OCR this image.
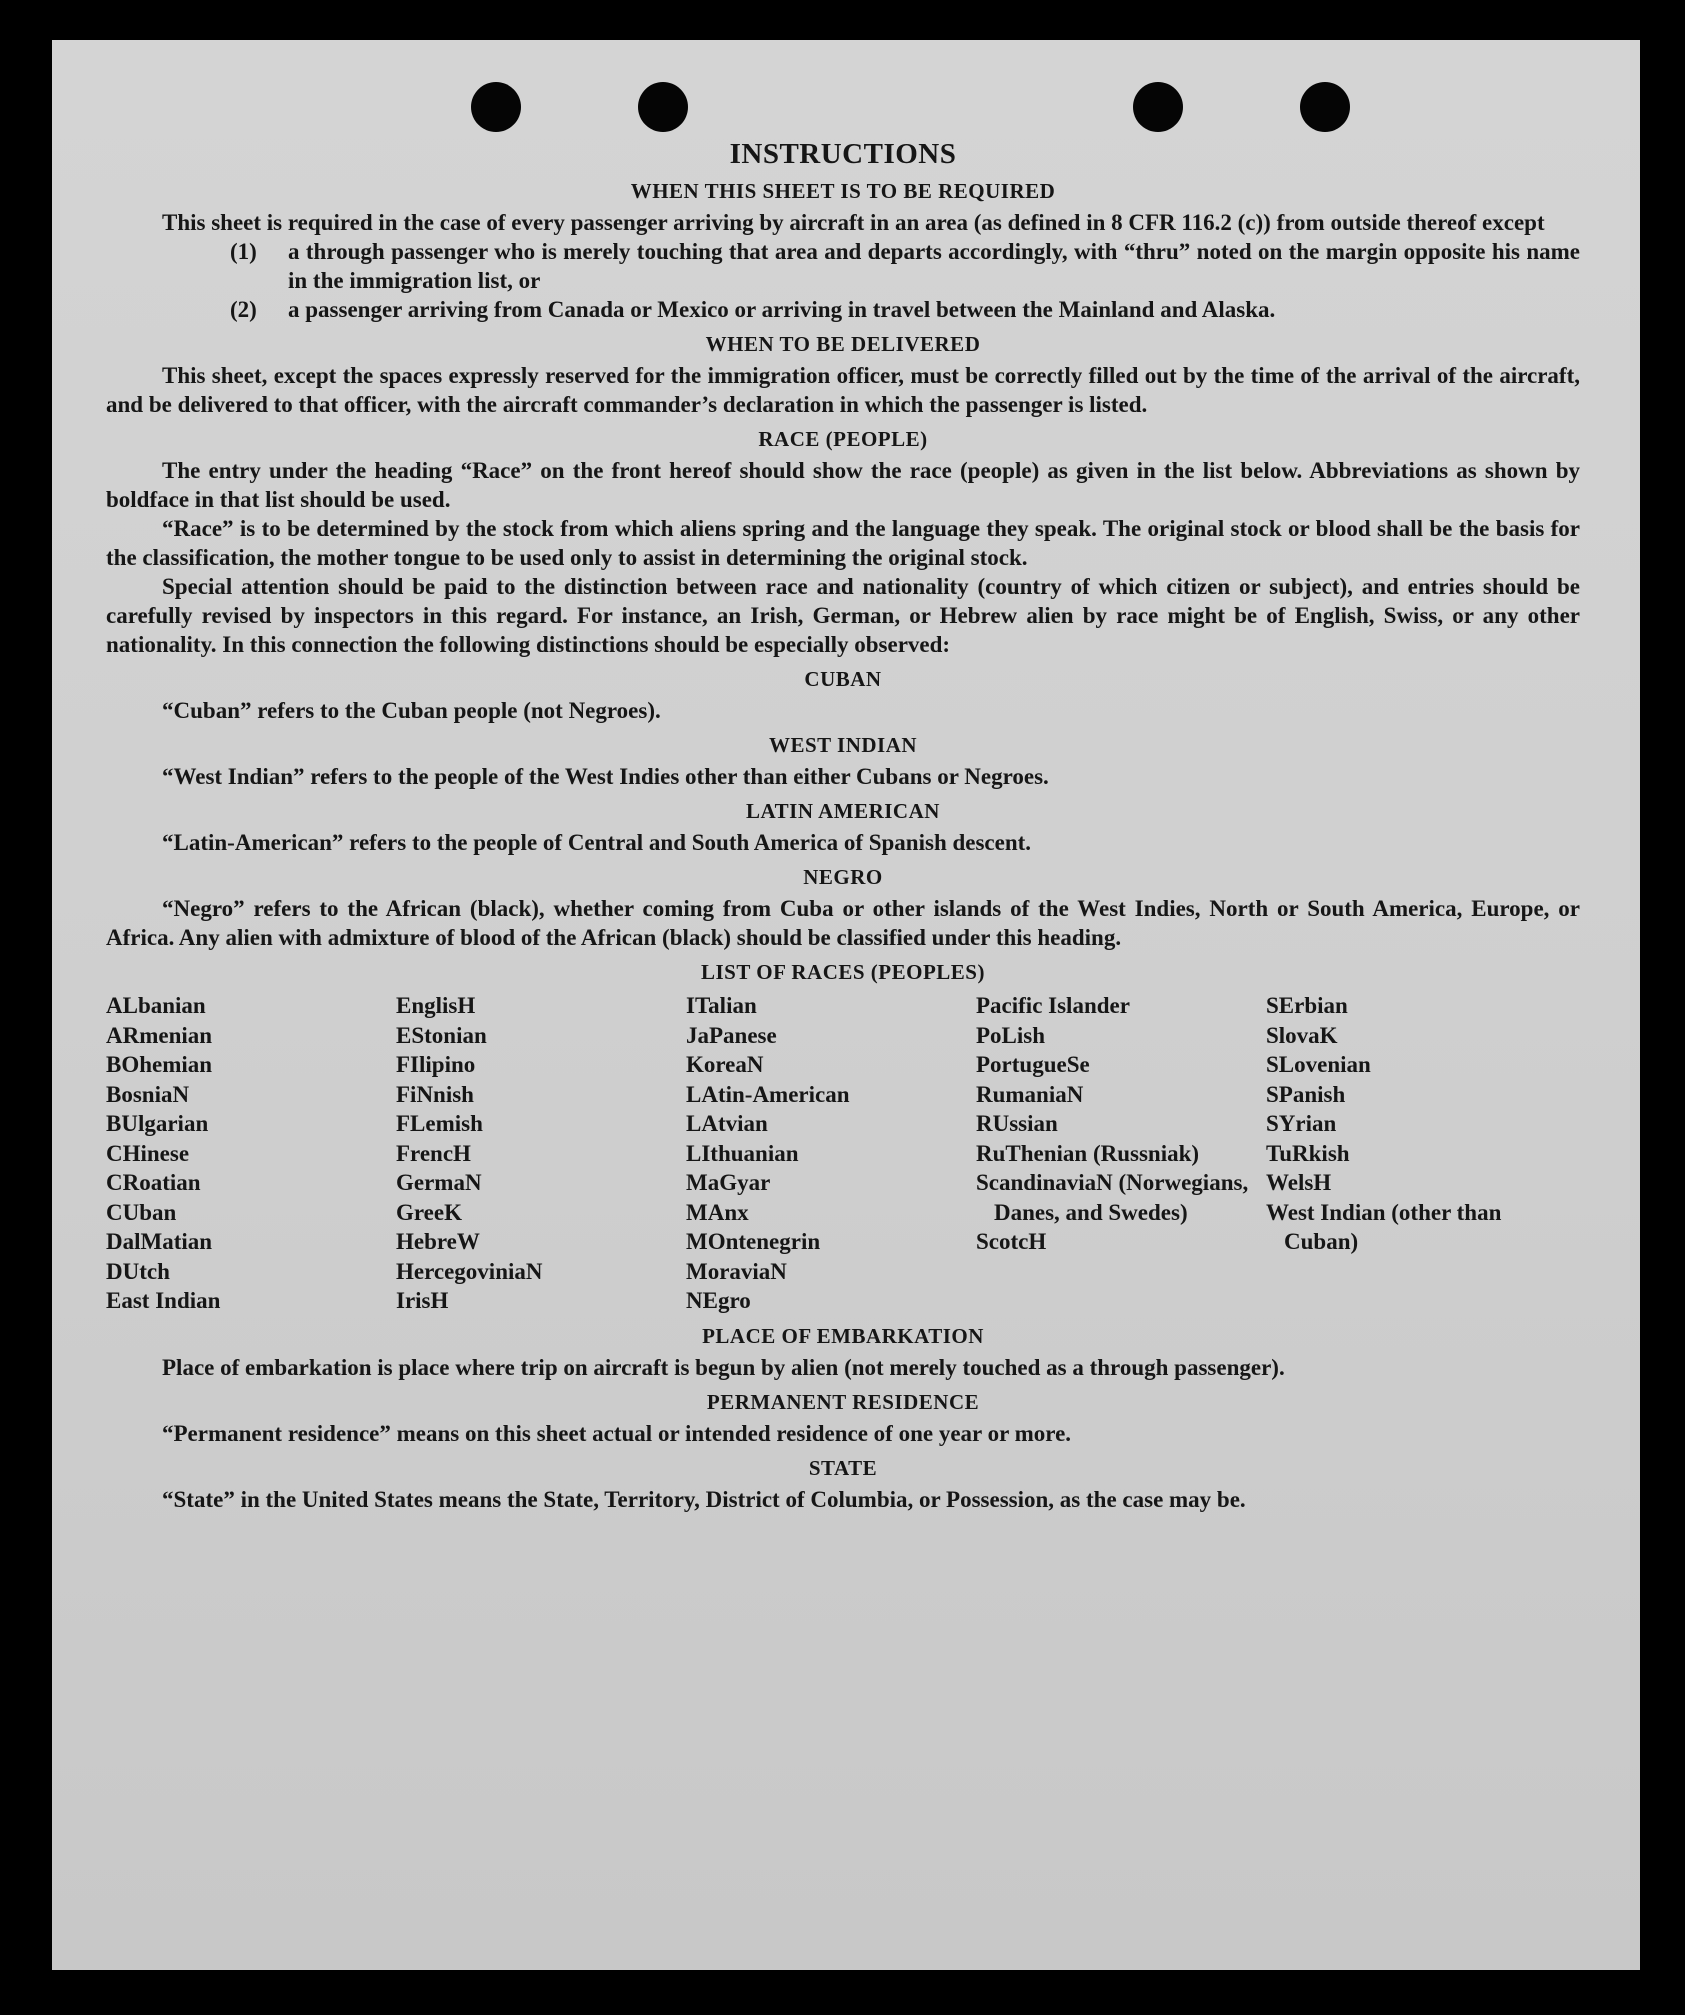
INSTRUCTIONS
WHEN THIS SHEET IS TO BE REQUIRED

This sheet is required in the case of every passenger arriving by aircraft in an area (as defined in 8 CFR 116.2 (c)) from outside thereof except

(1)	a through passenger who is merely touching that area and departs accordingly, with “thru” noted on the margin opposite his name in the immigration list, or
(2)	a passenger arriving from Canada or Mexico or arriving in travel between the Mainland and Alaska.
WHEN TO BE DELIVERED

This sheet, except the spaces expressly reserved for the immigration officer, must be correctly filled out by the time of the arrival of the aircraft, and be delivered to that officer, with the aircraft commander’s declaration in which the passenger is listed.

RACE (PEOPLE)

The entry under the heading “Race” on the front hereof should show the race (people) as given in the list below. Abbreviations as shown by boldface in that list should be used.

“Race” is to be determined by the stock from which aliens spring and the language they speak. The original stock or blood shall be the basis for the classification, the mother tongue to be used only to assist in determining the original stock.

Special attention should be paid to the distinction between race and nationality (country of which citizen or subject), and entries should be carefully revised by inspectors in this regard. For instance, an Irish, German, or Hebrew alien by race might be of English, Swiss, or any other nationality. In this connection the following distinctions should be especially observed:

CUBAN

“Cuban” refers to the Cuban people (not Negroes).

WEST INDIAN

“West Indian” refers to the people of the West Indies other than either Cubans or Negroes.

LATIN AMERICAN

“Latin-American” refers to the people of Central and South America of Spanish descent.

NEGRO

“Negro” refers to the African (black), whether coming from Cuba or other islands of the West Indies, North or South America, Europe, or Africa. Any alien with admixture of blood of the African (black) should be classified under this heading.

LIST OF RACES (PEOPLES)
ALbanian
ARmenian
BOhemian
BosniaN
BUlgarian
CHinese
CRoatian
CUban
DalMatian
DUtch
East Indian
EnglisH
EStonian
FIlipino
FiNnish
FLemish
FrencH
GermaN
GreeK
HebreW
HercegoviniaN
IrisH
ITalian
JaPanese
KoreaN
LAtin-American
LAtvian
LIthuanian
MaGyar
MAnx
MOntenegrin
MoraviaN
NEgro
Pacific Islander
PoLish
PortugueSe
RumaniaN
RUssian
RuThenian (Russniak)
ScandinaviaN (Norwegians, Danes, and Swedes)
ScotcH
SErbian
SlovaK
SLovenian
SPanish
SYrian
TuRkish
WelsH
West Indian (other than Cuban)
PLACE OF EMBARKATION

Place of embarkation is place where trip on aircraft is begun by alien (not merely touched as a through passenger).

PERMANENT RESIDENCE

“Permanent residence” means on this sheet actual or intended residence of one year or more.

STATE

“State” in the United States means the State, Territory, District of Columbia, or Possession, as the case may be.
